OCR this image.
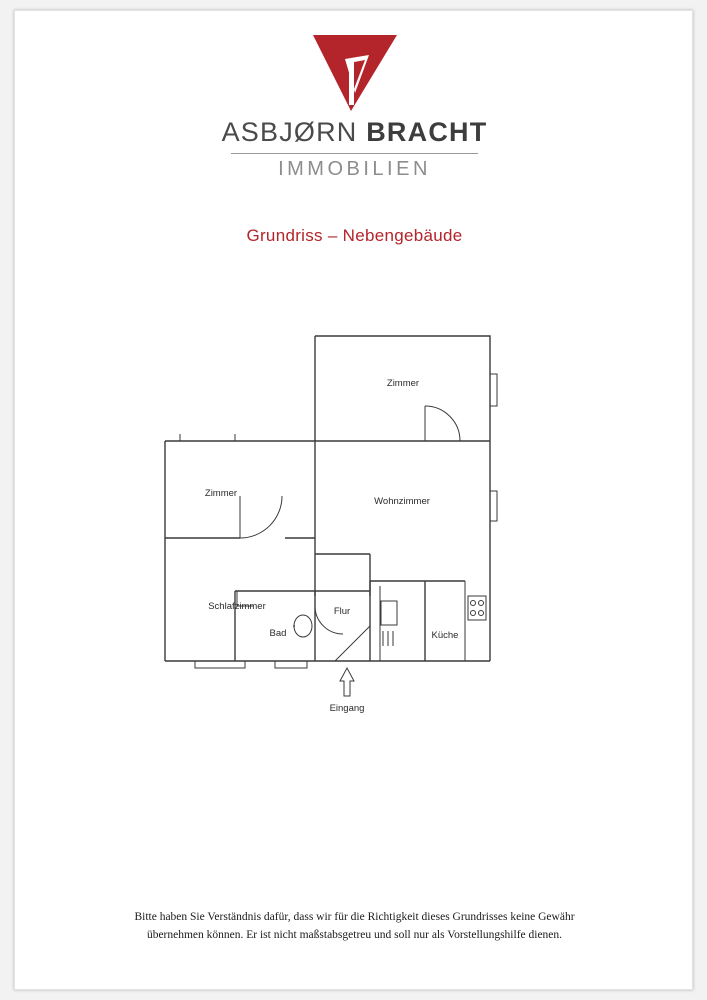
ASBJØRN BRACHT
IMMOBILIEN
Grundriss – Nebengebäude
Zimmer
Zimmer
Wohnzimmer
Schlafzimmer
Bad
Flur
Küche
Eingang
Bitte haben Sie Verständnis dafür, dass wir für die Richtigkeit dieses Grundrisses keine Gewähr
übernehmen können. Er ist nicht maßstabsgetreu und soll nur als Vorstellungshilfe dienen.
